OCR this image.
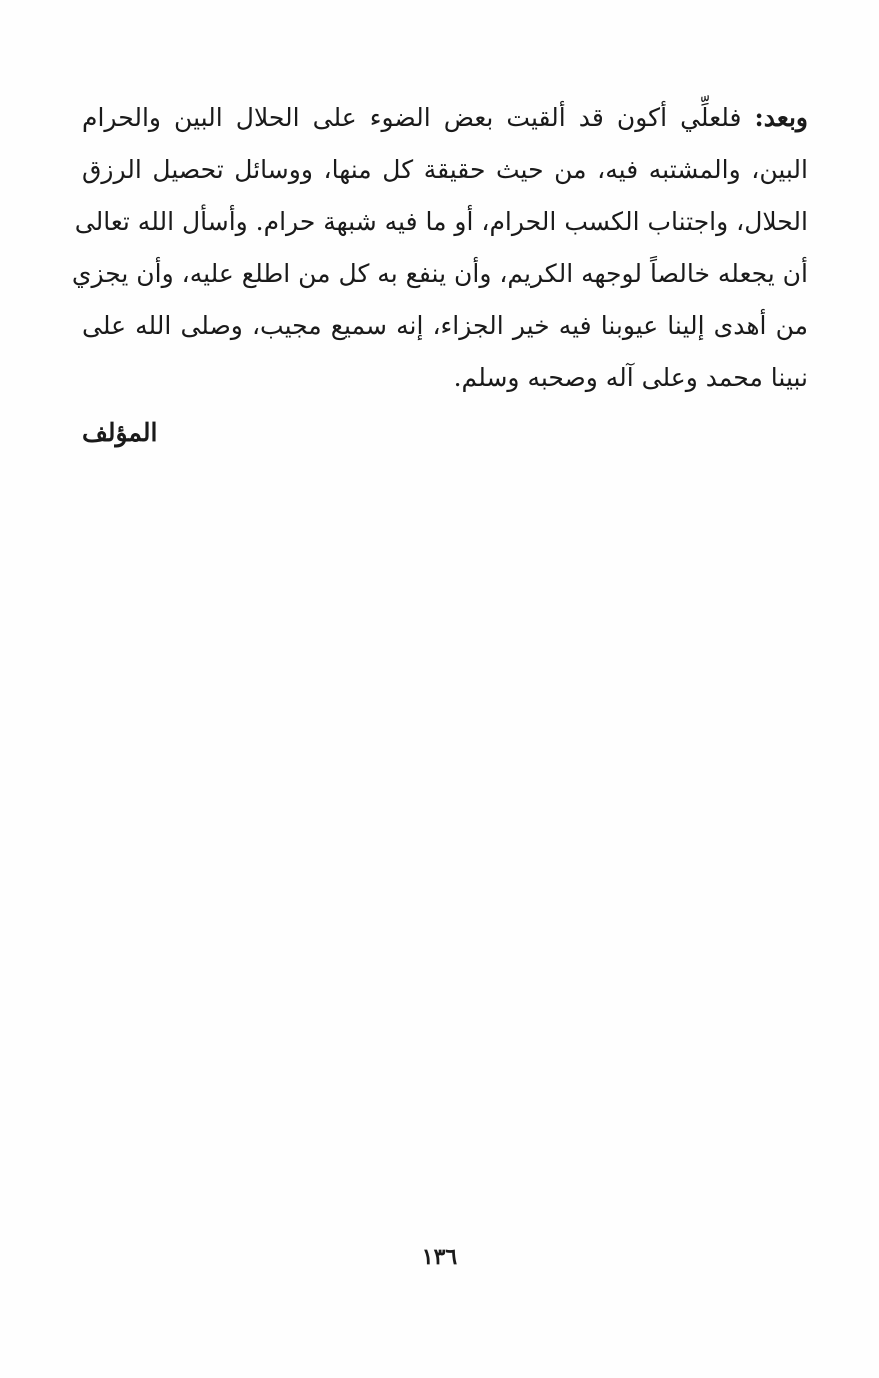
وبعد: فلعلِّي أكون قد ألقيت بعض الضوء على الحلال البين والحرام
البين، والمشتبه فيه، من حيث حقيقة كل منها، ووسائل تحصيل الرزق
الحلال، واجتناب الكسب الحرام، أو ما فيه شبهة حرام. وأسأل الله تعالى
أن يجعله خالصاً لوجهه الكريم، وأن ينفع به كل من اطلع عليه، وأن يجزي
من أهدى إلينا عيوبنا فيه خير الجزاء، إنه سميع مجيب، وصلى الله على
نبينا محمد وعلى آله وصحبه وسلم.
المؤلف
١٣٦
